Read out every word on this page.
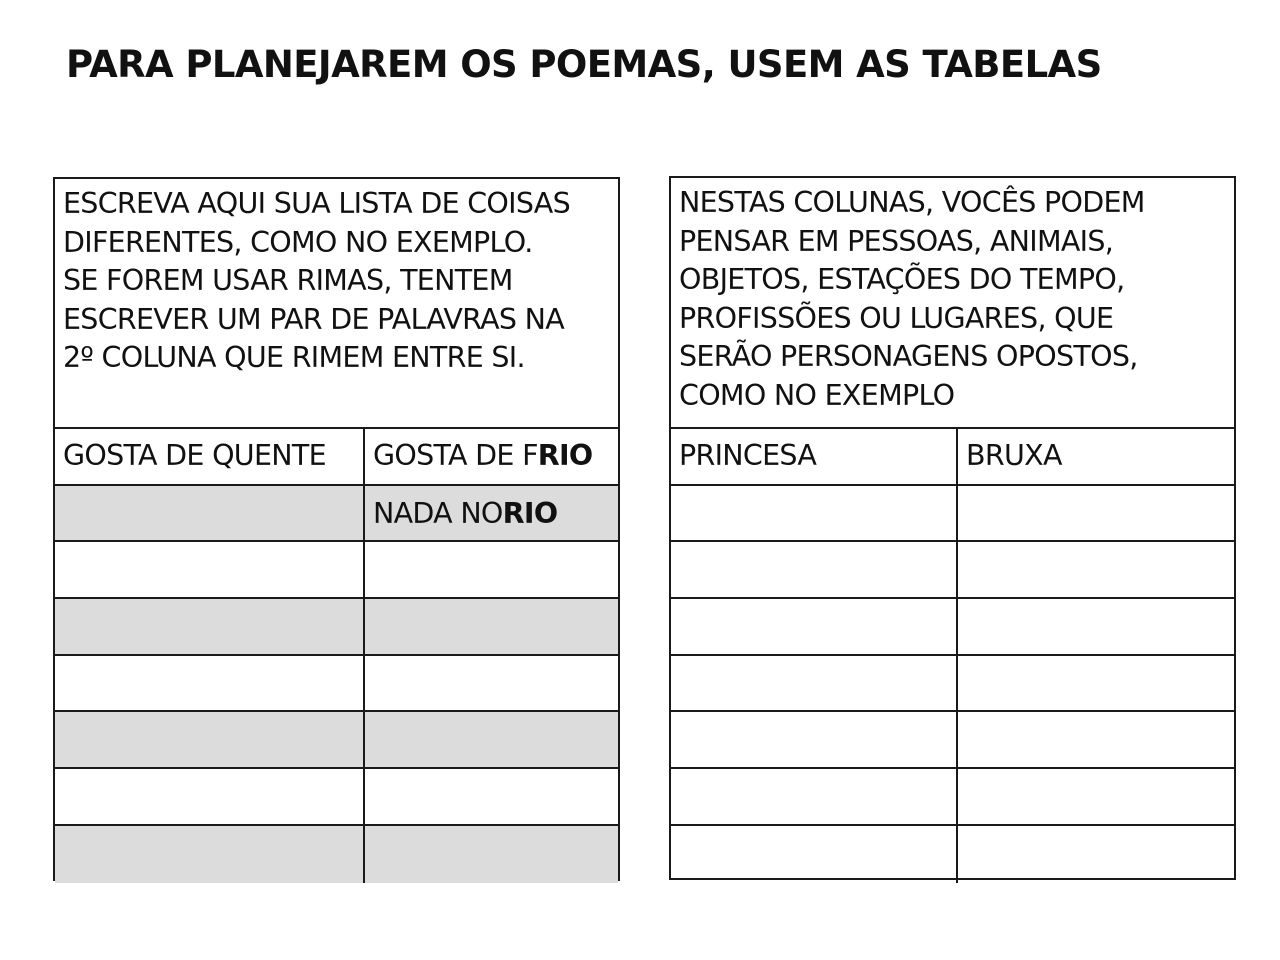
PARA PLANEJAREM OS POEMAS, USEM AS TABELAS
ESCREVA AQUI SUA LISTA DE COISAS
DIFERENTES, COMO NO EXEMPLO.
SE FOREM USAR RIMAS, TENTEM
ESCREVER UM PAR DE PALAVRAS NA
2º COLUNA QUE RIMEM ENTRE SI.
GOSTA DE QUENTE	GOSTA DE F RIO
NADA NO RIO
NESTAS COLUNAS, VOCÊS PODEM
PENSAR EM PESSOAS, ANIMAIS,
OBJETOS, ESTAÇÕES DO TEMPO,
PROFISSÕES OU LUGARES, QUE
SERÃO PERSONAGENS OPOSTOS,
COMO NO EXEMPLO
PRINCESA	BRUXA
